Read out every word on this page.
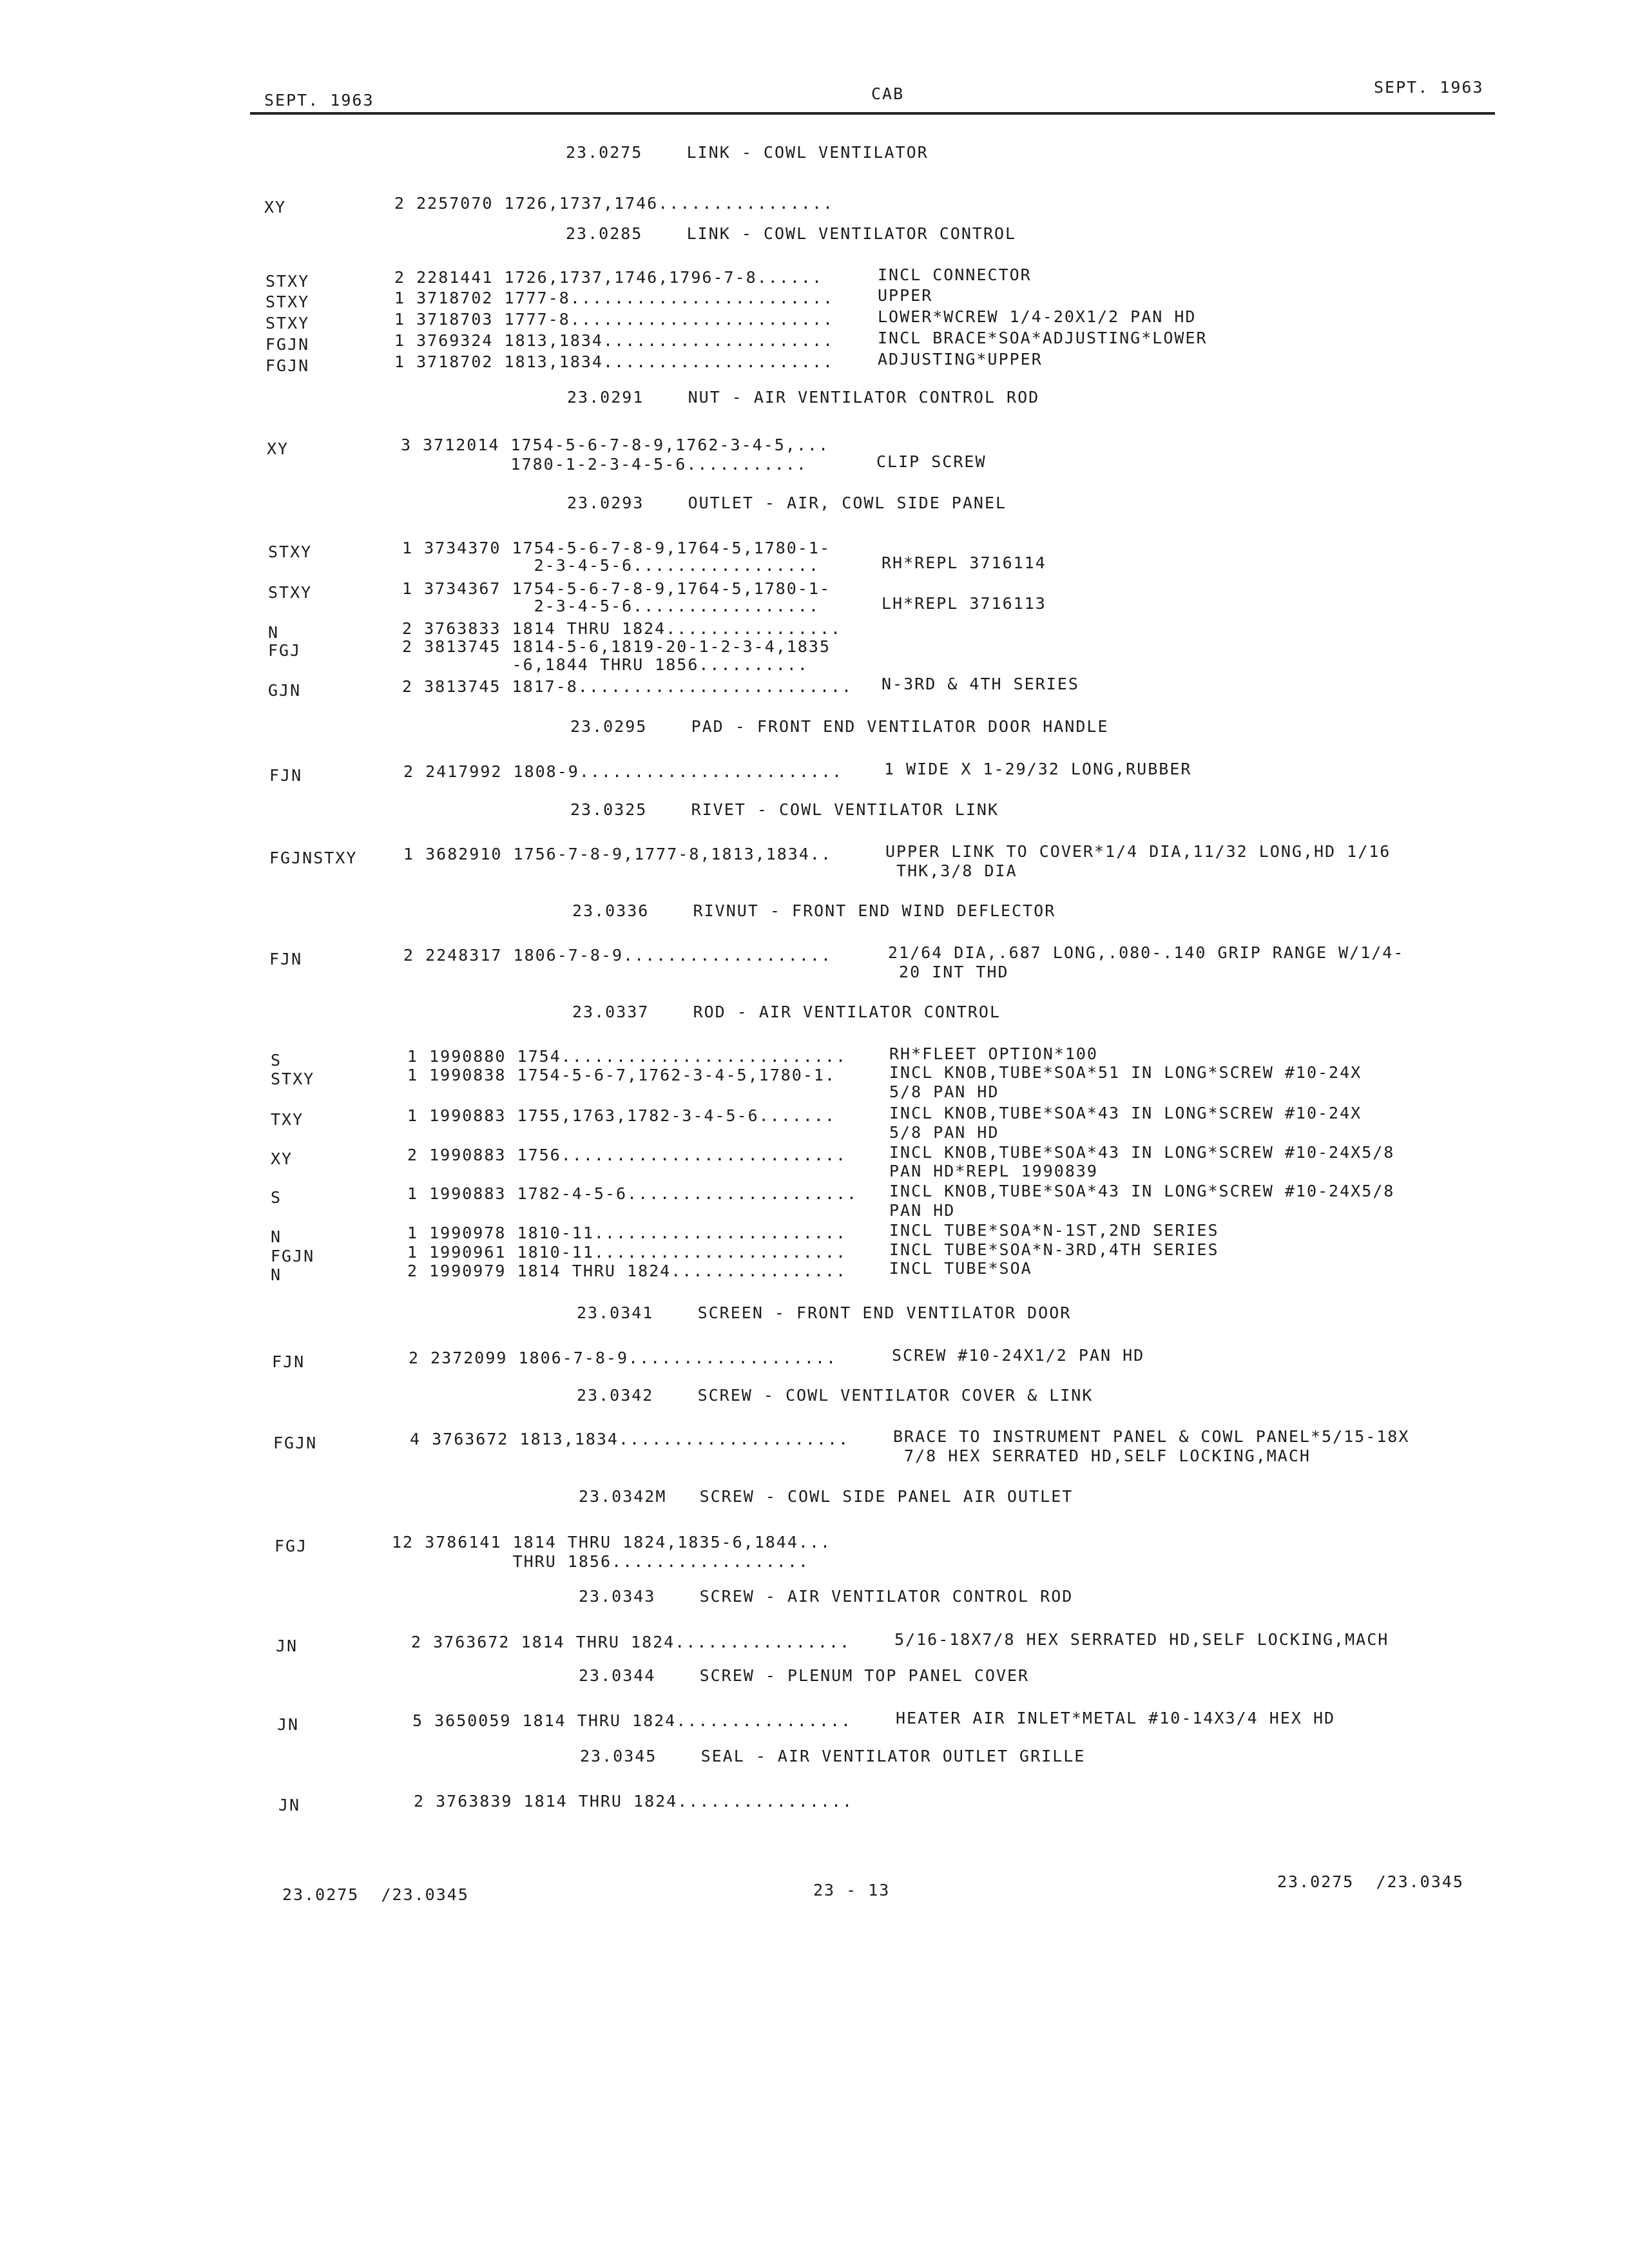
SEPT. 1963	CAB	SEPT. 1963
23.0275    LINK - COWL VENTILATOR
XY	2 2257070 1726,1737,1746................
23.0285    LINK - COWL VENTILATOR CONTROL
STXY	2 2281441 1726,1737,1746,1796-7-8......	INCL CONNECTOR
STXY	1 3718702 1777-8........................	UPPER
STXY	1 3718703 1777-8........................	LOWER*WCREW 1/4-20X1/2 PAN HD
FGJN	1 3769324 1813,1834.....................	INCL BRACE*SOA*ADJUSTING*LOWER
FGJN	1 3718702 1813,1834.....................	ADJUSTING*UPPER
23.0291    NUT - AIR VENTILATOR CONTROL ROD
XY	3 3712014 1754-5-6-7-8-9,1762-3-4-5,...
1780-1-2-3-4-5-6...........	CLIP SCREW
23.0293    OUTLET - AIR, COWL SIDE PANEL
STXY	1 3734370 1754-5-6-7-8-9,1764-5,1780-1-
2-3-4-5-6.................	RH*REPL 3716114
STXY	1 3734367 1754-5-6-7-8-9,1764-5,1780-1-
2-3-4-5-6.................	LH*REPL 3716113
N	2 3763833 1814 THRU 1824................
FGJ	2 3813745 1814-5-6,1819-20-1-2-3-4,1835
-6,1844 THRU 1856..........
GJN	2 3813745 1817-8......................... N-3RD & 4TH SERIES
23.0295    PAD - FRONT END VENTILATOR DOOR HANDLE
FJN	2 2417992 1808-9........................	1 WIDE X 1-29/32 LONG,RUBBER
23.0325    RIVET - COWL VENTILATOR LINK
FGJNSTXY	1 3682910 1756-7-8-9,1777-8,1813,1834..	UPPER LINK TO COVER*1/4 DIA,11/32 LONG,HD 1/16
THK,3/8 DIA
23.0336    RIVNUT - FRONT END WIND DEFLECTOR
FJN	2 2248317 1806-7-8-9...................	21/64 DIA,.687 LONG,.080-.140 GRIP RANGE W/1/4-
20 INT THD
23.0337    ROD - AIR VENTILATOR CONTROL
S	1 1990880 1754..........................	RH*FLEET OPTION*100
STXY	1 1990838 1754-5-6-7,1762-3-4-5,1780-1.	INCL KNOB,TUBE*SOA*51 IN LONG*SCREW #10-24X
5/8 PAN HD
TXY	1 1990883 1755,1763,1782-3-4-5-6.......	INCL KNOB,TUBE*SOA*43 IN LONG*SCREW #10-24X
5/8 PAN HD
XY	2 1990883 1756..........................	INCL KNOB,TUBE*SOA*43 IN LONG*SCREW #10-24X5/8
PAN HD*REPL 1990839
S	1 1990883 1782-4-5-6..................... INCL KNOB,TUBE*SOA*43 IN LONG*SCREW #10-24X5/8
PAN HD
N	1 1990978 1810-11.......................	INCL TUBE*SOA*N-1ST,2ND SERIES
FGJN	1 1990961 1810-11.......................	INCL TUBE*SOA*N-3RD,4TH SERIES
N	2 1990979 1814 THRU 1824................	INCL TUBE*SOA
23.0341    SCREEN - FRONT END VENTILATOR DOOR
FJN	2 2372099 1806-7-8-9...................	SCREW #10-24X1/2 PAN HD
23.0342    SCREW - COWL VENTILATOR COVER & LINK
FGJN	4 3763672 1813,1834.....................	BRACE TO INSTRUMENT PANEL & COWL PANEL*5/15-18X
7/8 HEX SERRATED HD,SELF LOCKING,MACH
23.0342M   SCREW - COWL SIDE PANEL AIR OUTLET
FGJ	12 3786141 1814 THRU 1824,1835-6,1844...
THRU 1856..................
23.0343    SCREW - AIR VENTILATOR CONTROL ROD
JN	2 3763672 1814 THRU 1824................	5/16-18X7/8 HEX SERRATED HD,SELF LOCKING,MACH
23.0344    SCREW - PLENUM TOP PANEL COVER
JN	5 3650059 1814 THRU 1824................	HEATER AIR INLET*METAL #10-14X3/4 HEX HD
23.0345    SEAL - AIR VENTILATOR OUTLET GRILLE
JN	2 3763839 1814 THRU 1824................
23.0275  /23.0345	23 - 13	23.0275  /23.0345
